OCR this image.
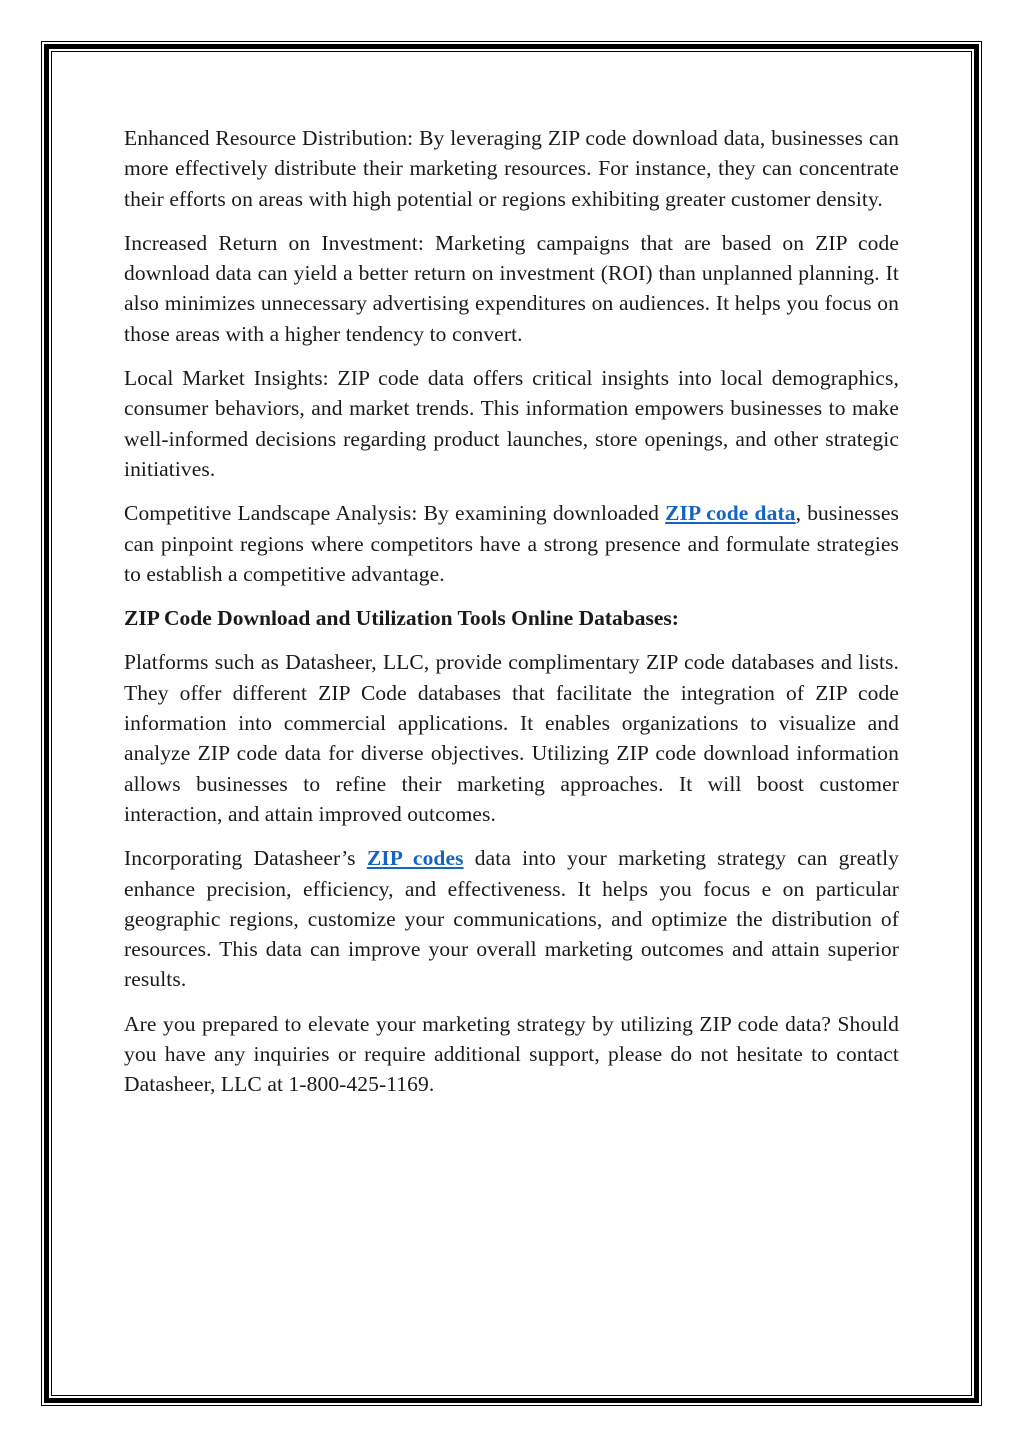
Enhanced Resource Distribution: By leveraging ZIP code download data, businesses can more effectively distribute their marketing resources. For instance, they can concentrate their efforts on areas with high potential or regions exhibiting greater customer density.

Increased Return on Investment: Marketing campaigns that are based on ZIP code download data can yield a better return on investment (ROI) than unplanned planning. It also minimizes unnecessary advertising expenditures on audiences. It helps you focus on those areas with a higher tendency to convert.

Local Market Insights: ZIP code data offers critical insights into local demographics, consumer behaviors, and market trends. This information empowers businesses to make well-informed decisions regarding product launches, store openings, and other strategic initiatives.

Competitive Landscape Analysis: By examining downloaded ZIP code data, businesses can pinpoint regions where competitors have a strong presence and formulate strategies to establish a competitive advantage.

ZIP Code Download and Utilization Tools Online Databases:

Platforms such as Datasheer, LLC, provide complimentary ZIP code databases and lists. They offer different ZIP Code databases that facilitate the integration of ZIP code information into commercial applications. It enables organizations to visualize and analyze ZIP code data for diverse objectives. Utilizing ZIP code download information allows businesses to refine their marketing approaches. It will boost customer interaction, and attain improved outcomes.

Incorporating Datasheer’s ZIP codes data into your marketing strategy can greatly enhance precision, efficiency, and effectiveness. It helps you focus e on particular geographic regions, customize your communications, and optimize the distribution of resources. This data can improve your overall marketing outcomes and attain superior results.

Are you prepared to elevate your marketing strategy by utilizing ZIP code data? Should you have any inquiries or require additional support, please do not hesitate to contact Datasheer, LLC at 1-800-425-1169.
